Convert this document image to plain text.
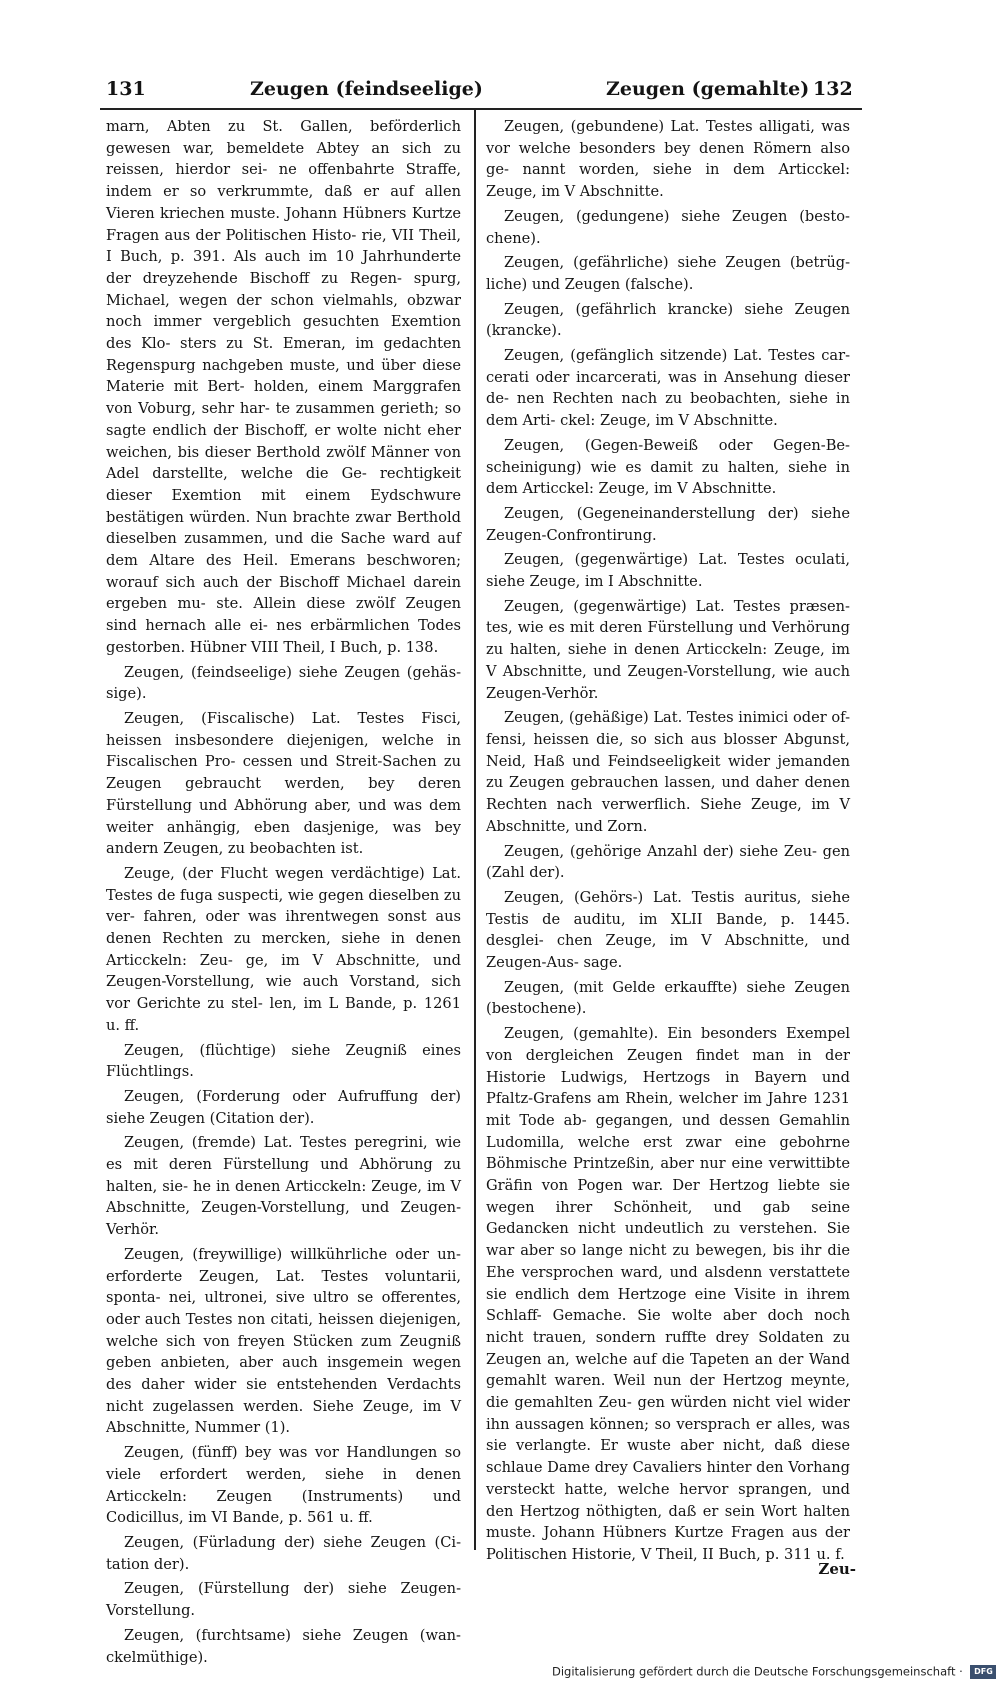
131	Zeugen (feindseelige)	Zeugen (gemahlte) 132

marn, Abten zu St. Gallen, beförderlich gewesen war, bemeldete Abtey an sich zu reissen, hierdor sei- ne offenbahrte Straffe, indem er so verkrummte, daß er auf allen Vieren kriechen muste. Johann Hübners Kurtze Fragen aus der Politischen Histo- rie, VII Theil, I Buch, p. 391. Als auch im 10 Jahrhunderte der dreyzehende Bischoff zu Regen- spurg, Michael, wegen der schon vielmahls, obzwar noch immer vergeblich gesuchten Exemtion des Klo- sters zu St. Emeran, im gedachten Regenspurg nachgeben muste, und über diese Materie mit Bert- holden, einem Marggrafen von Voburg, sehr har- te zusammen gerieth; so sagte endlich der Bischoff, er wolte nicht eher weichen, bis dieser Berthold zwölf Männer von Adel darstellte, welche die Ge- rechtigkeit dieser Exemtion mit einem Eydschwure bestätigen würden. Nun brachte zwar Berthold dieselben zusammen, und die Sache ward auf dem Altare des Heil. Emerans beschworen; worauf sich auch der Bischoff Michael darein ergeben mu- ste. Allein diese zwölf Zeugen sind hernach alle ei- nes erbärmlichen Todes gestorben. Hübner VIII Theil, I Buch, p. 138.

Zeugen, (feindseelige) siehe Zeugen (gehäs- sige).

Zeugen, (Fiscalische) Lat. Testes Fisci, heissen insbesondere diejenigen, welche in Fiscalischen Pro- cessen und Streit-Sachen zu Zeugen gebraucht werden, bey deren Fürstellung und Abhörung aber, und was dem weiter anhängig, eben dasjenige, was bey andern Zeugen, zu beobachten ist.

Zeuge, (der Flucht wegen verdächtige) Lat. Testes de fuga suspecti, wie gegen dieselben zu ver- fahren, oder was ihrentwegen sonst aus denen Rechten zu mercken, siehe in denen Articckeln: Zeu- ge, im V Abschnitte, und Zeugen-Vorstellung, wie auch Vorstand, sich vor Gerichte zu stel- len, im L Bande, p. 1261 u. ff.

Zeugen, (flüchtige) siehe Zeugniß eines Flüchtlings.

Zeugen, (Forderung oder Aufruffung der) siehe Zeugen (Citation der).

Zeugen, (fremde) Lat. Testes peregrini, wie es mit deren Fürstellung und Abhörung zu halten, sie- he in denen Articckeln: Zeuge, im V Abschnitte, Zeugen-Vorstellung, und Zeugen-Verhör.

Zeugen, (freywillige) willkührliche oder un- erforderte Zeugen, Lat. Testes voluntarii, sponta- nei, ultronei, sive ultro se offerentes, oder auch Testes non citati, heissen diejenigen, welche sich von freyen Stücken zum Zeugniß geben anbieten, aber auch insgemein wegen des daher wider sie entstehenden Verdachts nicht zugelassen werden. Siehe Zeuge, im V Abschnitte, Nummer (1).

Zeugen, (fünff) bey was vor Handlungen so viele erfordert werden, siehe in denen Articckeln: Zeugen (Instruments) und Codicillus, im VI Bande, p. 561 u. ff.

Zeugen, (Fürladung der) siehe Zeugen (Ci- tation der).

Zeugen, (Fürstellung der) siehe Zeugen- Vorstellung.

Zeugen, (furchtsame) siehe Zeugen (wan- ckelmüthige).

Zeugen, (gebundene) Lat. Testes alligati, was vor welche besonders bey denen Römern also ge- nannt worden, siehe in dem Articckel: Zeuge, im V Abschnitte.

Zeugen, (gedungene) siehe Zeugen (besto- chene).

Zeugen, (gefährliche) siehe Zeugen (betrüg- liche) und Zeugen (falsche).

Zeugen, (gefährlich krancke) siehe Zeugen (krancke).

Zeugen, (gefänglich sitzende) Lat. Testes car- cerati oder incarcerati, was in Ansehung dieser de- nen Rechten nach zu beobachten, siehe in dem Arti- ckel: Zeuge, im V Abschnitte.

Zeugen, (Gegen-Beweiß oder Gegen-Be- scheinigung) wie es damit zu halten, siehe in dem Articckel: Zeuge, im V Abschnitte.

Zeugen, (Gegeneinanderstellung der) siehe Zeugen-Confrontirung.

Zeugen, (gegenwärtige) Lat. Testes oculati, siehe Zeuge, im I Abschnitte.

Zeugen, (gegenwärtige) Lat. Testes præsen- tes, wie es mit deren Fürstellung und Verhörung zu halten, siehe in denen Articckeln: Zeuge, im V Abschnitte, und Zeugen-Vorstellung, wie auch Zeugen-Verhör.

Zeugen, (gehäßige) Lat. Testes inimici oder of- fensi, heissen die, so sich aus blosser Abgunst, Neid, Haß und Feindseeligkeit wider jemanden zu Zeugen gebrauchen lassen, und daher denen Rechten nach verwerflich. Siehe Zeuge, im V Abschnitte, und Zorn.

Zeugen, (gehörige Anzahl der) siehe Zeu- gen (Zahl der).

Zeugen, (Gehörs-) Lat. Testis auritus, siehe Testis de auditu, im XLII Bande, p. 1445. desglei- chen Zeuge, im V Abschnitte, und Zeugen-Aus- sage.

Zeugen, (mit Gelde erkauffte) siehe Zeugen (bestochene).

Zeugen, (gemahlte). Ein besonders Exempel von dergleichen Zeugen findet man in der Historie Ludwigs, Hertzogs in Bayern und Pfaltz-Grafens am Rhein, welcher im Jahre 1231 mit Tode ab- gegangen, und dessen Gemahlin Ludomilla, welche erst zwar eine gebohrne Böhmische Printzeßin, aber nur eine verwittibte Gräfin von Pogen war. Der Hertzog liebte sie wegen ihrer Schönheit, und gab seine Gedancken nicht undeutlich zu verstehen. Sie war aber so lange nicht zu bewegen, bis ihr die Ehe versprochen ward, und alsdenn verstattete sie endlich dem Hertzoge eine Visite in ihrem Schlaff- Gemache. Sie wolte aber doch noch nicht trauen, sondern ruffte drey Soldaten zu Zeugen an, welche auf die Tapeten an der Wand gemahlt waren. Weil nun der Hertzog meynte, die gemahlten Zeu- gen würden nicht viel wider ihn aussagen können; so versprach er alles, was sie verlangte. Er wuste aber nicht, daß diese schlaue Dame drey Cavaliers hinter den Vorhang versteckt hatte, welche hervor sprangen, und den Hertzog nöthigten, daß er sein Wort halten muste. Johann Hübners Kurtze Fragen aus der Politischen Historie, V Theil, II Buch, p. 311 u. f.

Zeu-
Digitalisierung gefördert durch die Deutsche Forschungsgemeinschaft · DFG
